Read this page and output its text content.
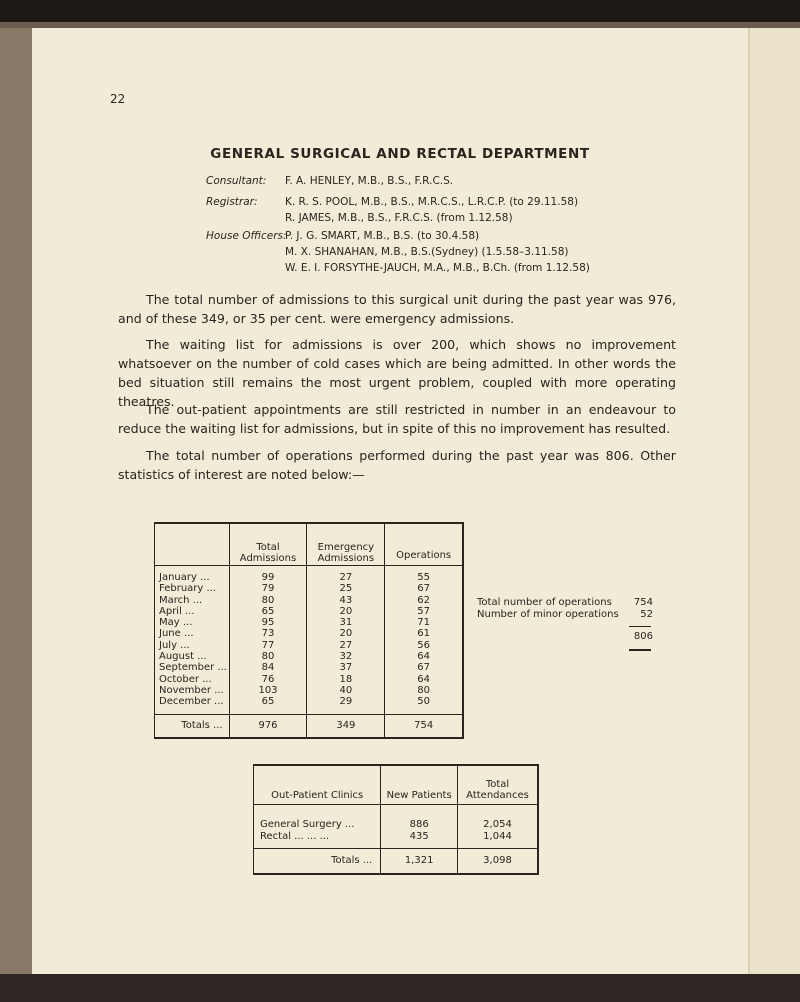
22
GENERAL SURGICAL AND RECTAL DEPARTMENT
Consultant: F. A. HENLEY, M.B., B.S., F.R.C.S.
Registrar:	K. R. S. POOL, M.B., B.S., M.R.C.S., L.R.C.P. (to 29.11.58)
R. JAMES, M.B., B.S., F.R.C.S. (from 1.12.58)
House Officers:
P. J. G. SMART, M.B., B.S. (to 30.4.58)
M. X. SHANAHAN, M.B., B.S.(Sydney) (1.5.58–3.11.58)
W. E. I. FORSYTHE-JAUCH, M.A., M.B., B.Ch. (from 1.12.58)
The total number of admissions to this surgical unit during the past year was 976, and of these 349, or 35 per cent. were emergency admissions.
The waiting list for admissions is over 200, which shows no improvement whatsoever on the number of cold cases which are being admitted. In other words the bed situation still remains the most urgent problem, coupled with more operating theatres.
The out-patient appointments are still restricted in number in an endeavour to reduce the waiting list for admissions, but in spite of this no improvement has resulted.
The total number of operations performed during the past year was 806. Other statistics of interest are noted below:—
	Total Admissions	Emergency Admissions	Operations
January ...	99	27	55
February ...	79	25	67
March ...	80	43	62
April ...	65	20	57
May ...	95	31	71
June ...	73	20	61
July ...	77	27	56
August ...	80	32	64
September ...	84	37	67
October ...	76	18	64
November ...	103	40	80
December ...	65	29	50
Totals ...	976	349	754
Total number of operations 754
Number of minor operations 52
806
Out-Patient Clinics	New Patients	Total Attendances
General Surgery ...	886	2,054
Rectal ... ... ...	435	1,044
Totals ...	1,321	3,098
